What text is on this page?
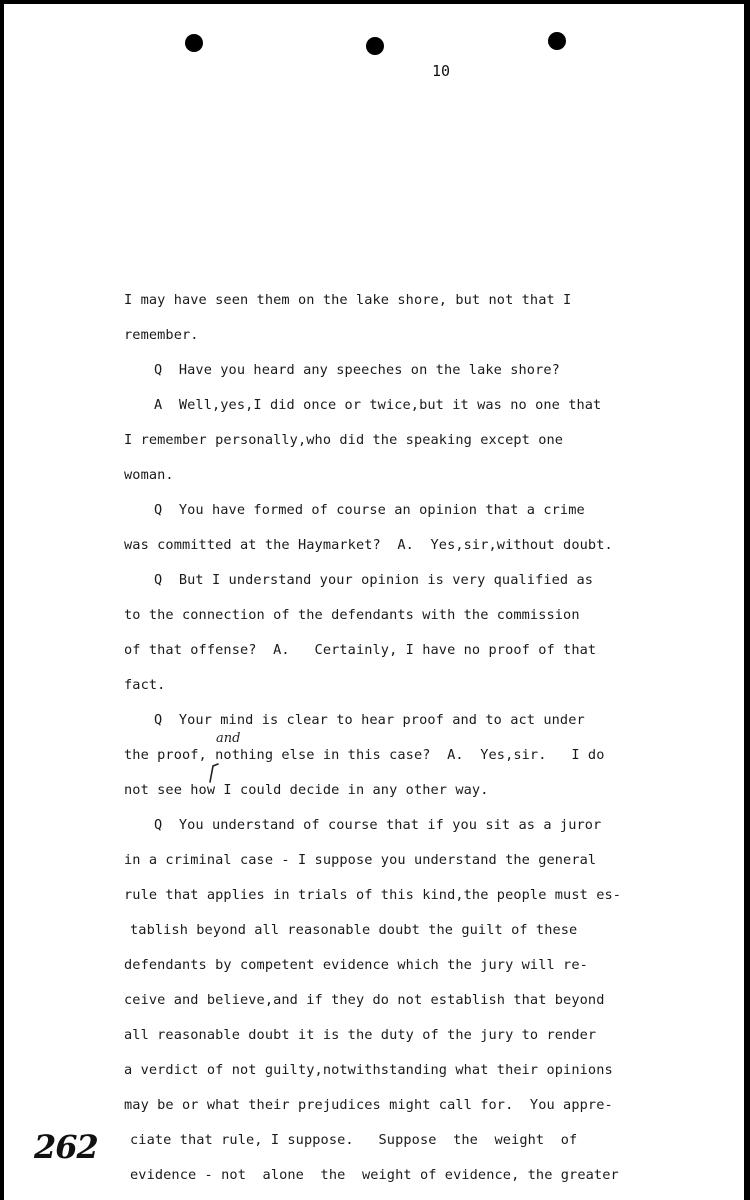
10
I may have seen them on the lake shore, but not that I
remember.
Q  Have you heard any speeches on the lake shore?
A  Well,yes,I did once or twice,but it was no one that
I remember personally,who did the speaking except one
woman.
Q  You have formed of course an opinion that a crime
was committed at the Haymarket?  A.  Yes,sir,without doubt.
Q  But I understand your opinion is very qualified as
to the connection of the defendants with the commission
of that offense?  A.   Certainly, I have no proof of that
fact.
Q  Your mind is clear to hear proof and to act under
the proof, nothing else in this case?  A.  Yes,sir.   I do
not see how I could decide in any other way.
Q  You understand of course that if you sit as a juror
in a criminal case - I suppose you understand the general
rule that applies in trials of this kind,the people must es-
tablish beyond all reasonable doubt the guilt of these
defendants by competent evidence which the jury will re-
ceive and believe,and if they do not establish that beyond
all reasonable doubt it is the duty of the jury to render
a verdict of not guilty,notwithstanding what their opinions
may be or what their prejudices might call for.  You appre-
ciate that rule, I suppose.   Suppose  the  weight  of
evidence - not  alone  the  weight of evidence, the greater
and
262
